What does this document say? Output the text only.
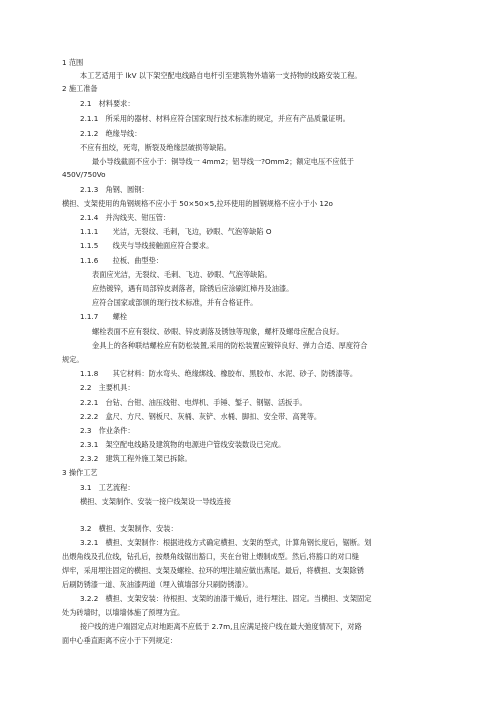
1 范围
本工艺适用于 lkV 以下架空配电线路自电杆引至建筑物外墙第一支持物的线路安装工程。
2 施工准备
2.1　材料要求：
2.1.1　所采用的器材、材料应符合国家现行技术标准的规定，并应有产品质量证明。
2.1.2　绝缘导线：
不应有扭绞，死弯，断裂及绝缘层破损等缺陷。
最小导线截面不应小于：铜导线一 4mm2；铝导线一?Omm2；额定电压不应低于
450V/750Vo
2.1.3　角钢、圆钢：
横担、支架使用的角钢规格不应小于 50×50×5,拉环使用的圆钢规格不应小于小 12o
2.1.4　并沟线夹、钳压管：
1.1.1　　光洁，无裂纹、毛刺，飞边，砂眼、气泡等缺陷 O
1.1.5　　线夹与导线接触面应符合要求。
1.1.6　　拉板、曲型垫：
表面应光洁，无裂纹、毛刺、飞边、砂眼、气泡等缺陷。
应热镀锌，遇有局部锌皮剥落者，除锈后应涂刷红樟丹及油漆。
应符合国家或部颁的现行技术标准，并有合格证件。
1.1.7　　螺栓
螺栓表面不应有裂纹、砂眼、锌皮剥落及锈蚀等现象，螺杆及螺母应配合良好。
金具上的各种联结螺栓应有防松装置,采用的防松装置应镀锌良好、弹力合适、厚度符合
规定。
1.1.8　　其它材料：防水弯头、绝缘绑线、橡胶布、黑胶布、水泥、砂子、防锈漆等。
2.2　主要机具：
2.2.1　台钻、台钳、油压线钳、电焊机、手锤、錾子、钢锯、活扳手。
2.2.2　盒尺、方尺、钢板尺、灰桶、灰铲、水桶、脚扣、安全带、高凳等。
2.3　作业条件：
2.3.1　架空配电线路及建筑物的电源进户管线安装数设已完成。
2.3.2　建筑工程外施工架已拆除。
3 操作工艺
3.1　工艺流程：
横担、支架制作、安装一接户线架设一导线连接
3.2　横担、支架制作、安装：
3.2.1　横担、支架制作：根据进线方式确定横担、支架的型式，计算角钢长度后，锯断。划
出煨角线及孔位线，钻孔后，按煨角线锯出豁口，夹在台钳上煨制成型。然后,将豁口的对口缝
焊牢，采用埋注固定的横担、支架及螺栓、拉环的埋注端应做出燕尾。最后，将横担、支架除锈
后刷防锈漆一道、灰油漆两道（埋入镇墙部分只刷防锈漆）。
3.2.2　横担、支架安装：待根担、支架的油漆干燥后，进行埋注、固定。当横担、支架固定
处为砖墙时，以墙墙体施了预埋为宜。
接户线的进户端固定点对地距离不应低于 2.7m,且应满足接户线在最大弛度情况下，对路
面中心垂直距离不应小于下列规定：
